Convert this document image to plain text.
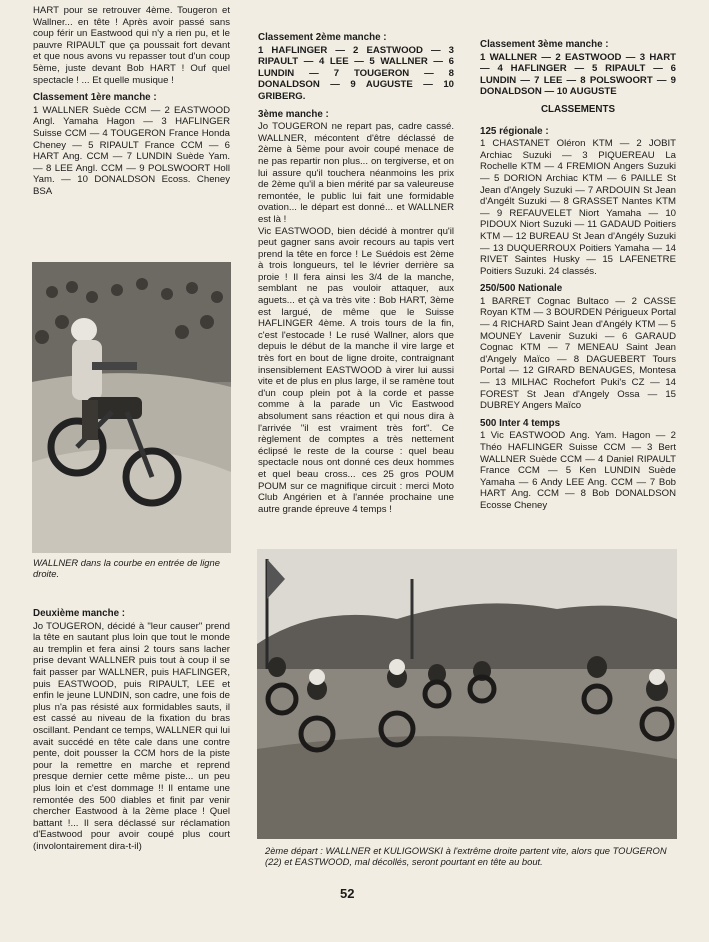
HART pour se retrouver 4ème. Tougeron et Wallner... en tête ! Après avoir passé sans coup férir un Eastwood qui n'y a rien pu, et le pauvre RIPAULT que ça poussait fort devant et que nous avons vu repasser tout d'un coup 5ème, juste devant Bob HART ! Ouf quel spectacle ! ... Et quelle musique !

Classement 1ère manche :

1 WALLNER Suède CCM — 2 EASTWOOD Angl. Yamaha Hagon — 3 HAFLINGER Suisse CCM — 4 TOUGERON France Honda Cheney — 5 RIPAULT France CCM — 6 HART Ang. CCM — 7 LUNDIN Suède Yam. — 8 LEE Angl. CCM — 9 POLSWOORT Holl Yam. — 10 DONALDSON Ecoss. Cheney BSA

WALLNER dans la courbe en entrée de ligne droite.
Deuxième manche :

Jo TOUGERON, décidé à "leur causer" prend la tête en sautant plus loin que tout le monde au tremplin et fera ainsi 2 tours sans lacher prise devant WALLNER puis tout à coup il se fait passer par WALLNER, puis HAFLINGER, puis EASTWOOD, puis RIPAULT, LEE et enfin le jeune LUNDIN, son cadre, une fois de plus n'a pas résisté aux formidables sauts, il est cassé au niveau de la fixation du bras oscillant. Pendant ce temps, WALLNER qui lui avait succédé en tête cale dans une contre pente, doit pousser la CCM hors de la piste pour la remettre en marche et reprend presque dernier cette même piste... un peu plus loin et c'est dommage !! Il entame une remontée des 500 diables et finit par venir chercher Eastwood à la 2ème place ! Quel battant !... Il sera déclassé sur réclamation d'Eastwood pour avoir coupé plus court (involontairement dira-t-il)

Classement 2ème manche :

1 HAFLINGER — 2 EASTWOOD — 3 RIPAULT — 4 LEE — 5 WALLNER — 6 LUNDIN — 7 TOUGERON — 8 DONALDSON — 9 AUGUSTE — 10 GRIBERG.

3ème manche :

Jo TOUGERON ne repart pas, cadre cassé. WALLNER, mécontent d'être déclassé de 2ème à 5ème pour avoir coupé menace de ne pas repartir non plus... on tergiverse, et on lui assure qu'il touchera néanmoins les prix de 2ème qu'il a bien mérité par sa valeureuse remontée, le public lui fait une formidable ovation... le départ est donné... et WALLNER est là !

Vic EASTWOOD, bien décidé à montrer qu'il peut gagner sans avoir recours au tapis vert prend la tête en force ! Le Suédois est 2ème à trois longueurs, tel le lévrier derrière sa proie ! Il fera ainsi les 3/4 de la manche, semblant ne pas vouloir attaquer, aux aguets... et çà va très vite : Bob HART, 3ème est largué, de même que le Suisse HAFLINGER 4ème. A trois tours de la fin, c'est l'estocade ! Le rusé Wallner, alors que depuis le début de la manche il vire large et très fort en bout de ligne droite, contraignant insensiblement EASTWOOD à virer lui aussi vite et de plus en plus large, il se ramène tout d'un coup plein pot à la corde et passe comme à la parade un Vic Eastwood absolument sans réaction et qui nous dira à l'arrivée "il est vraiment très fort". Ce règlement de comptes a très nettement éclipsé le reste de la course : quel beau spectacle nous ont donné ces deux hommes et quel beau cross... ces 25 gros POUM POUM sur ce magnifique circuit : merci Moto Club Angérien et à l'année prochaine une autre grande épreuve 4 temps !

Classement 3ème manche :

1 WALLNER — 2 EASTWOOD — 3 HART — 4 HAFLINGER — 5 RIPAULT — 6 LUNDIN — 7 LEE — 8 POLSWOORT — 9 DONALDSON — 10 AUGUSTE

CLASSEMENTS
125 régionale :

1 CHASTANET Oléron KTM — 2 JOBIT Archiac Suzuki — 3 PIQUEREAU La Rochelle KTM — 4 FREMION Angers Suzuki — 5 DORION Archiac KTM — 6 PAILLE St Jean d'Angely Suzuki — 7 ARDOUIN St Jean d'Angélt Suzuki — 8 GRASSET Nantes KTM — 9 REFAUVELET Niort Yamaha — 10 PIDOUX Niort Suzuki — 11 GADAUD Poitiers KTM — 12 BUREAU St Jean d'Angély Suzuki — 13 DUQUERROUX Poitiers Yamaha — 14 RIVET Saintes Husky — 15 LAFENETRE Poitiers Suzuki. 24 classés.

250/500 Nationale

1 BARRET Cognac Bultaco — 2 CASSE Royan KTM — 3 BOURDEN Périgueux Portal — 4 RICHARD Saint Jean d'Angély KTM — 5 MOUNEY Lavenir Suzuki — 6 GARAUD Cognac KTM — 7 MENEAU Saint Jean d'Angely Maïco — 8 DAGUEBERT Tours Portal — 12 GIRARD BENAUGES, Montesa — 13 MILHAC Rochefort Puki's CZ — 14 FOREST St Jean d'Angely Ossa — 15 DUBREY Angers Maïco

500 Inter 4 temps

1 Vic EASTWOOD Ang. Yam. Hagon — 2 Théo HAFLINGER Suisse CCM — 3 Bert WALLNER Suède CCM — 4 Daniel RIPAULT France CCM — 5 Ken LUNDIN Suède Yamaha — 6 Andy LEE Ang. CCM — 7 Bob HART Ang. CCM — 8 Bob DONALDSON Ecosse Cheney

2ème départ : WALLNER et KULIGOWSKI à l'extrême droite partent vite, alors que TOUGERON (22) et EASTWOOD, mal décollés, seront pourtant en tête au bout.
52
